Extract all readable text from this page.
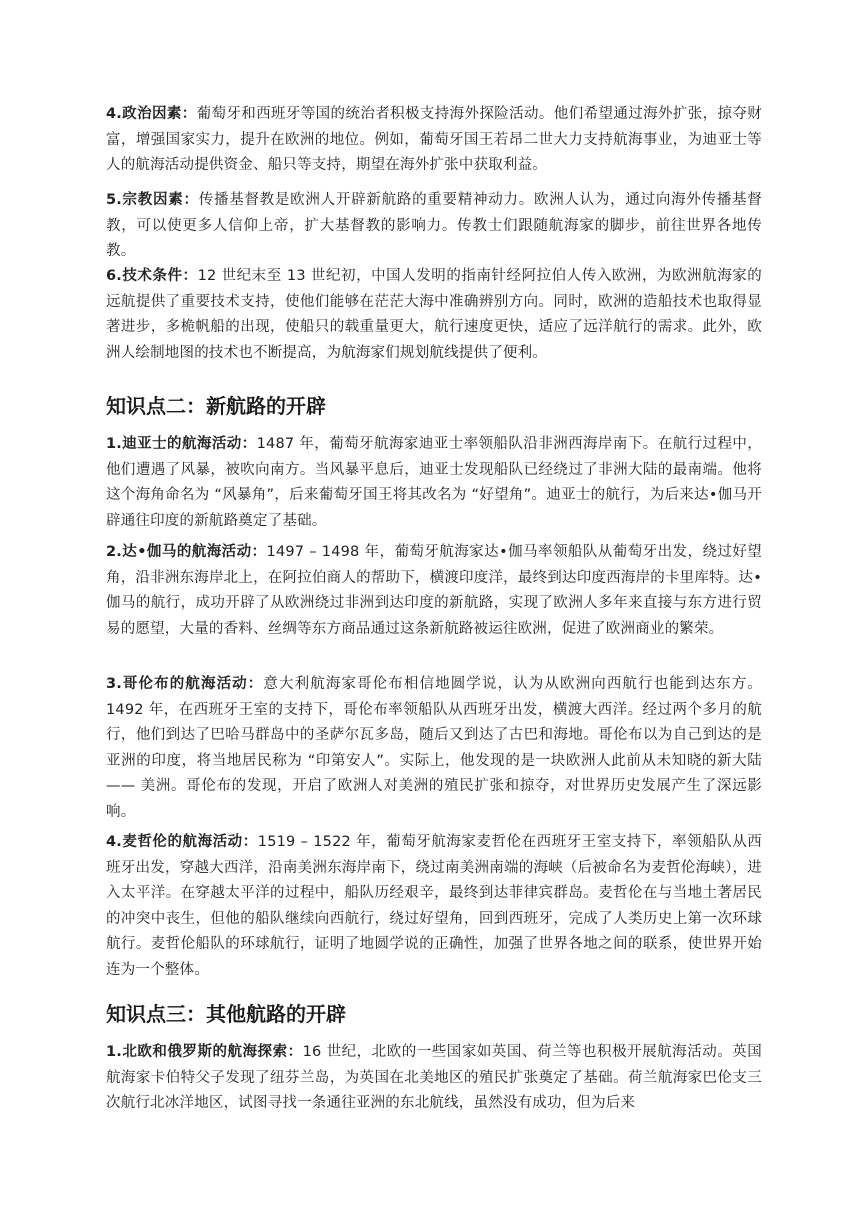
4.政治因素：葡萄牙和西班牙等国的统治者积极支持海外探险活动。他们希望通过海外扩张，掠夺财富，增强国家实力，提升在欧洲的地位。例如，葡萄牙国王若昂二世大力支持航海事业，为迪亚士等人的航海活动提供资金、船只等支持，期望在海外扩张中获取利益。

5.宗教因素：传播基督教是欧洲人开辟新航路的重要精神动力。欧洲人认为，通过向海外传播基督教，可以使更多人信仰上帝，扩大基督教的影响力。传教士们跟随航海家的脚步，前往世界各地传教。

6.技术条件：12 世纪末至 13 世纪初，中国人发明的指南针经阿拉伯人传入欧洲，为欧洲航海家的远航提供了重要技术支持，使他们能够在茫茫大海中准确辨别方向。同时，欧洲的造船技术也取得显著进步，多桅帆船的出现，使船只的载重量更大，航行速度更快，适应了远洋航行的需求。此外，欧洲人绘制地图的技术也不断提高，为航海家们规划航线提供了便利。

知识点二：新航路的开辟

1.迪亚士的航海活动：1487 年，葡萄牙航海家迪亚士率领船队沿非洲西海岸南下。在航行过程中，他们遭遇了风暴，被吹向南方。当风暴平息后，迪亚士发现船队已经绕过了非洲大陆的最南端。他将这个海角命名为 “风暴角”，后来葡萄牙国王将其改名为 “好望角”。迪亚士的航行，为后来达•伽马开辟通往印度的新航路奠定了基础。

2.达•伽马的航海活动：1497 – 1498 年，葡萄牙航海家达•伽马率领船队从葡萄牙出发，绕过好望角，沿非洲东海岸北上，在阿拉伯商人的帮助下，横渡印度洋，最终到达印度西海岸的卡里库特。达•伽马的航行，成功开辟了从欧洲绕过非洲到达印度的新航路，实现了欧洲人多年来直接与东方进行贸易的愿望，大量的香料、丝绸等东方商品通过这条新航路被运往欧洲，促进了欧洲商业的繁荣。

3.哥伦布的航海活动：意大利航海家哥伦布相信地圆学说，认为从欧洲向西航行也能到达东方。1492 年，在西班牙王室的支持下，哥伦布率领船队从西班牙出发，横渡大西洋。经过两个多月的航行，他们到达了巴哈马群岛中的圣萨尔瓦多岛，随后又到达了古巴和海地。哥伦布以为自己到达的是亚洲的印度，将当地居民称为 “印第安人”。实际上，他发现的是一块欧洲人此前从未知晓的新大陆 —— 美洲。哥伦布的发现，开启了欧洲人对美洲的殖民扩张和掠夺，对世界历史发展产生了深远影响。

4.麦哲伦的航海活动：1519 – 1522 年，葡萄牙航海家麦哲伦在西班牙王室支持下，率领船队从西班牙出发，穿越大西洋，沿南美洲东海岸南下，绕过南美洲南端的海峡（后被命名为麦哲伦海峡），进入太平洋。在穿越太平洋的过程中，船队历经艰辛，最终到达菲律宾群岛。麦哲伦在与当地土著居民的冲突中丧生，但他的船队继续向西航行，绕过好望角，回到西班牙，完成了人类历史上第一次环球航行。麦哲伦船队的环球航行，证明了地圆学说的正确性，加强了世界各地之间的联系，使世界开始连为一个整体。

知识点三：其他航路的开辟

1.北欧和俄罗斯的航海探索：16 世纪，北欧的一些国家如英国、荷兰等也积极开展航海活动。英国航海家卡伯特父子发现了纽芬兰岛，为英国在北美地区的殖民扩张奠定了基础。荷兰航海家巴伦支三次航行北冰洋地区，试图寻找一条通往亚洲的东北航线，虽然没有成功，但为后来
